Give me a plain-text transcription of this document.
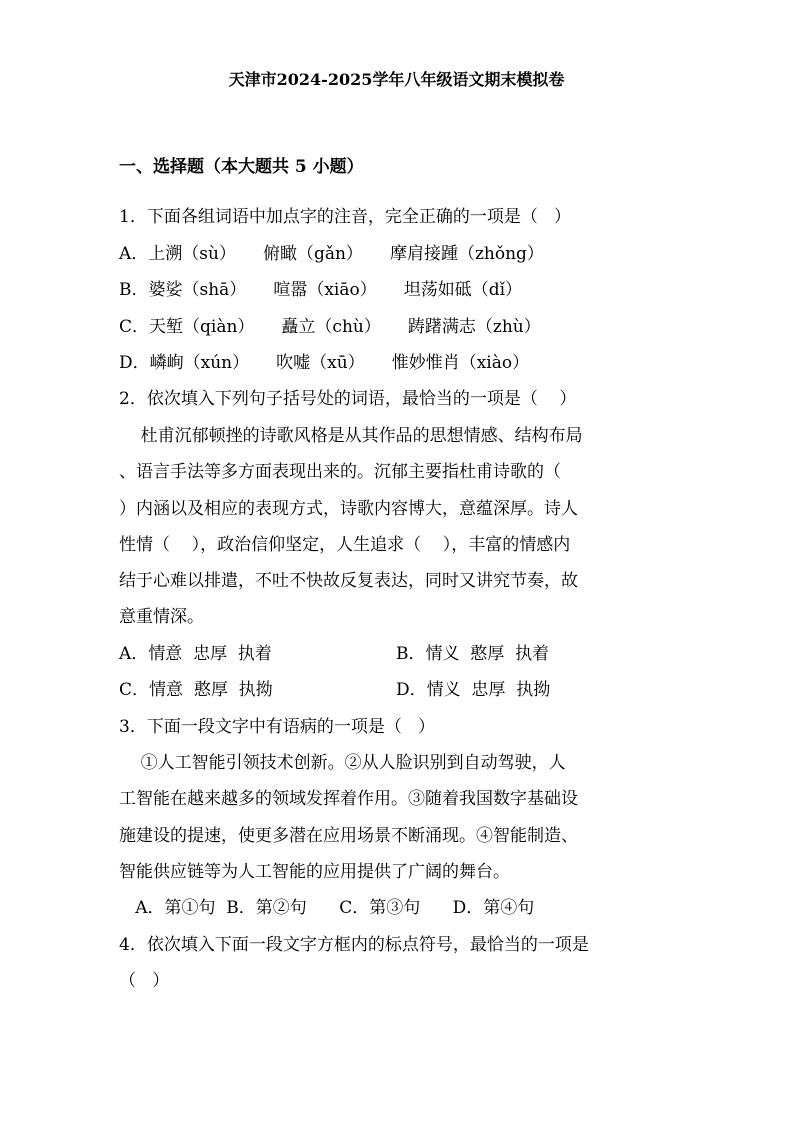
天津市2024-2025学年八年级语文期末模拟卷
一、选择题（本大题共 5 小题）
1．下面各组词语中加点字的注音，完全正确的一项是（   ）
A．上溯（sù）     俯瞰（gǎn）     摩肩接踵（zhǒng）
B．婆娑（shā）     喧嚣（xiāo）     坦荡如砥（dǐ）
C．天堑（qiàn）     矗立（chù）     踌躇满志（zhù）
D．嶙峋（xún）     吹嘘（xū）     惟妙惟肖（xiào）
2．依次填入下列句子括号处的词语，最恰当的一项是（    ）
杜甫沉郁顿挫的诗歌风格是从其作品的思想情感、结构布局
、语言手法等多方面表现出来的。沉郁主要指杜甫诗歌的（
）内涵以及相应的表现方式，诗歌内容博大，意蕴深厚。诗人
性情（    ），政治信仰坚定，人生追求（    ），丰富的情感内
结于心难以排遣，不吐不快故反复表达，同时又讲究节奏，故
意重情深。
A．情意  忠厚  执着	B．情义  憨厚  执着
C．情意  憨厚  执拗	D．情义  忠厚  执拗
3．下面一段文字中有语病的一项是（   ）
①人工智能引领技术创新。②从人脸识别到自动驾驶，人
工智能在越来越多的领域发挥着作用。③随着我国数字基础设
施建设的提速，使更多潜在应用场景不断涌现。④智能制造、
智能供应链等为人工智能的应用提供了广阔的舞台。
A．第①句  B．第②句      C．第③句      D．第④句
4．依次填入下面一段文字方框内的标点符号，最恰当的一项是
（   ）
